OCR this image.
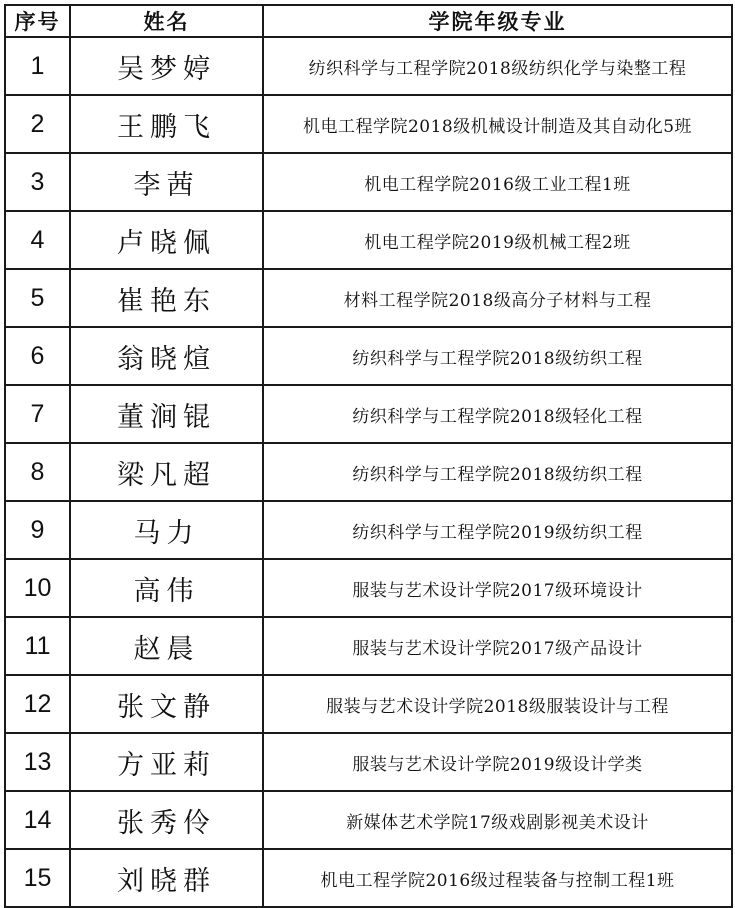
序号	姓名	学院年级专业
1	吴梦婷	纺织科学与工程学院2018级纺织化学与染整工程
2	王鹏飞	机电工程学院2018级机械设计制造及其自动化5班
3	李茜	机电工程学院2016级工业工程1班
4	卢晓佩	机电工程学院2019级机械工程2班
5	崔艳东	材料工程学院2018级高分子材料与工程
6	翁晓煊	纺织科学与工程学院2018级纺织工程
7	董涧锟	纺织科学与工程学院2018级轻化工程
8	梁凡超	纺织科学与工程学院2018级纺织工程
9	马力	纺织科学与工程学院2019级纺织工程
10	高伟	服装与艺术设计学院2017级环境设计
11	赵晨	服装与艺术设计学院2017级产品设计
12	张文静	服装与艺术设计学院2018级服装设计与工程
13	方亚莉	服装与艺术设计学院2019级设计学类
14	张秀伶	新媒体艺术学院17级戏剧影视美术设计
15	刘晓群	机电工程学院2016级过程装备与控制工程1班
